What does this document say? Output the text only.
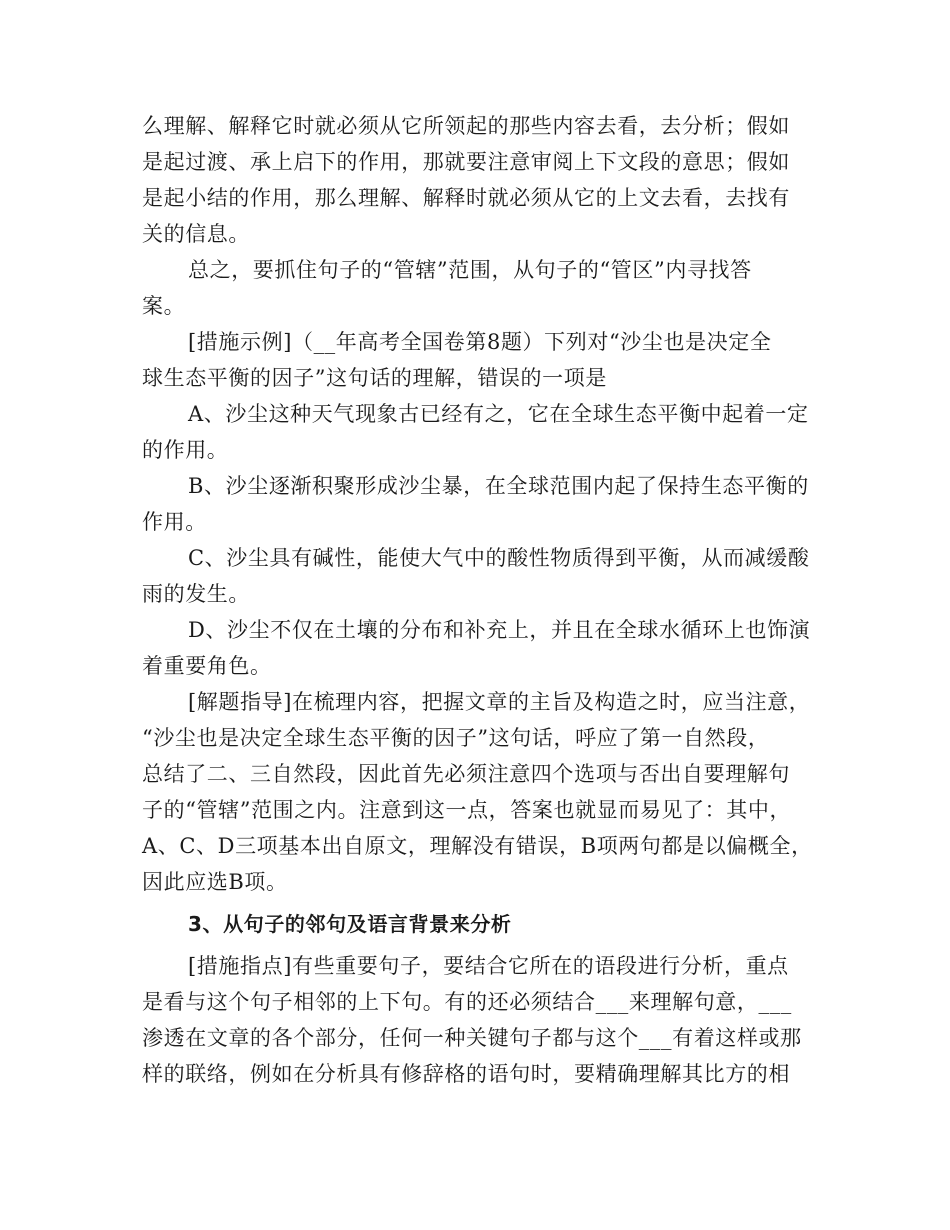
么理解、解释它时就必须从它所领起的那些内容去看，去分析；假如
是起过渡、承上启下的作用，那就要注意审阅上下文段的意思；假如
是起小结的作用，那么理解、解释时就必须从它的上文去看，去找有
关的信息。
总之，要抓住句子的“管辖”范围，从句子的“管区”内寻找答
案。
[措施示例]（__年高考全国卷第8题）下列对“沙尘也是决定全
球生态平衡的因子”这句话的理解，错误的一项是
A、沙尘这种天气现象古已经有之，它在全球生态平衡中起着一定
的作用。
B、沙尘逐渐积聚形成沙尘暴，在全球范围内起了保持生态平衡的
作用。
C、沙尘具有碱性，能使大气中的酸性物质得到平衡，从而减缓酸
雨的发生。
D、沙尘不仅在土壤的分布和补充上，并且在全球水循环上也饰演
着重要角色。
[解题指导]在梳理内容，把握文章的主旨及构造之时，应当注意，
“沙尘也是决定全球生态平衡的因子”这句话，呼应了第一自然段，
总结了二、三自然段，因此首先必须注意四个选项与否出自要理解句
子的“管辖”范围之内。注意到这一点，答案也就显而易见了：其中，
A、C、D三项基本出自原文，理解没有错误，B项两句都是以偏概全，
因此应选B项。
3、从句子的邻句及语言背景来分析
[措施指点]有些重要句子，要结合它所在的语段进行分析，重点
是看与这个句子相邻的上下句。有的还必须结合___来理解句意，___
渗透在文章的各个部分，任何一种关键句子都与这个___有着这样或那
样的联络，例如在分析具有修辞格的语句时，要精确理解其比方的相
